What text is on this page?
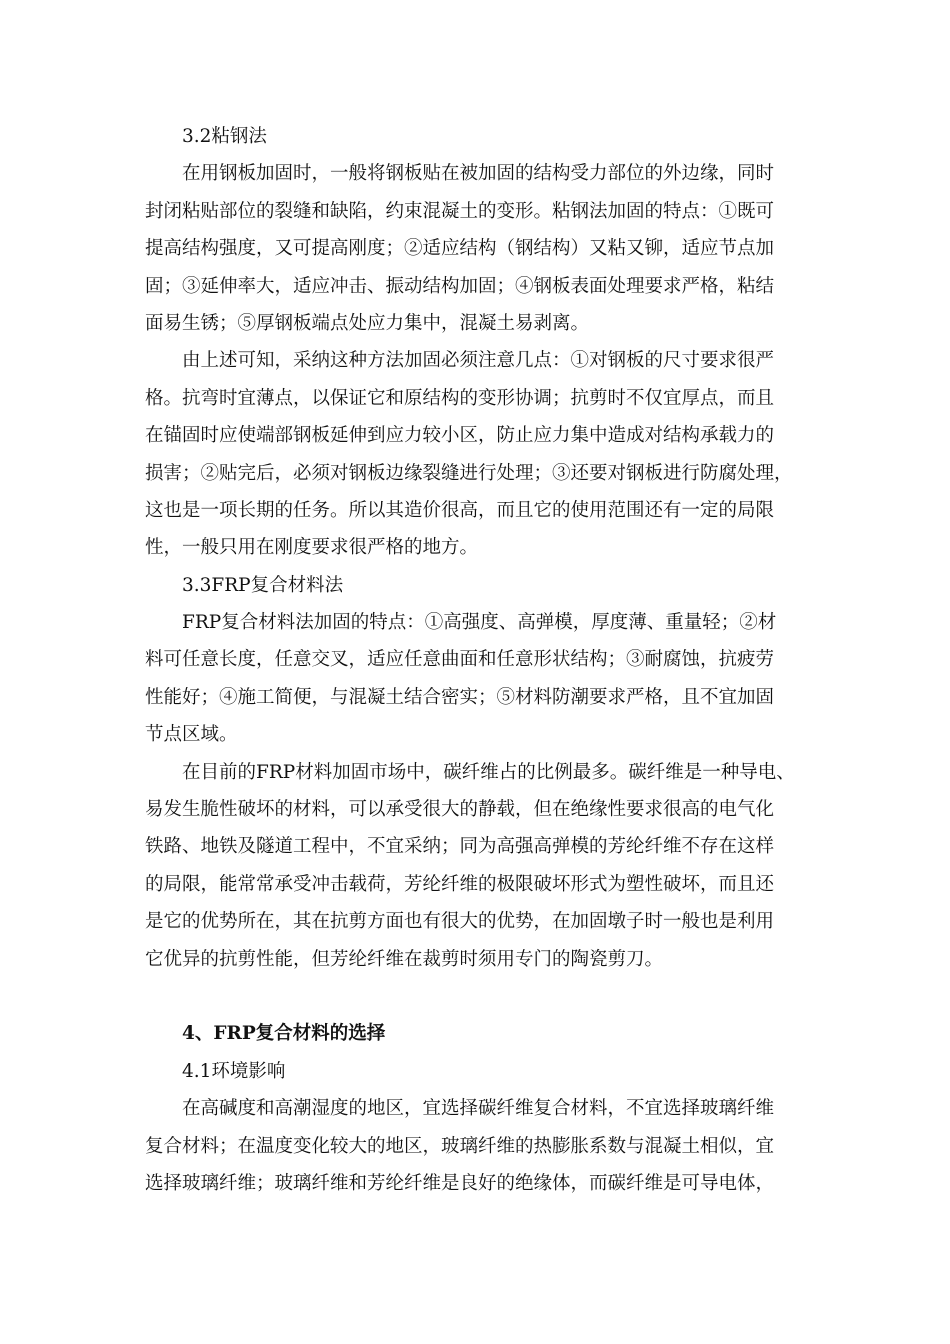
3.2粘钢法
在用钢板加固时，一般将钢板贴在被加固的结构受力部位的外边缘，同时
封闭粘贴部位的裂缝和缺陷，约束混凝土的变形。粘钢法加固的特点：①既可
提高结构强度，又可提高刚度；②适应结构（钢结构）又粘又铆，适应节点加
固；③延伸率大，适应冲击、振动结构加固；④钢板表面处理要求严格，粘结
面易生锈；⑤厚钢板端点处应力集中，混凝土易剥离。
由上述可知，采纳这种方法加固必须注意几点：①对钢板的尺寸要求很严
格。抗弯时宜薄点，以保证它和原结构的变形协调；抗剪时不仅宜厚点，而且
在锚固时应使端部钢板延伸到应力较小区，防止应力集中造成对结构承载力的
损害；②贴完后，必须对钢板边缘裂缝进行处理；③还要对钢板进行防腐处理，
这也是一项长期的任务。所以其造价很高，而且它的使用范围还有一定的局限
性，一般只用在刚度要求很严格的地方。
3.3FRP复合材料法
FRP复合材料法加固的特点：①高强度、高弹模，厚度薄、重量轻；②材
料可任意长度，任意交叉，适应任意曲面和任意形状结构；③耐腐蚀，抗疲劳
性能好；④施工简便，与混凝土结合密实；⑤材料防潮要求严格，且不宜加固
节点区域。
在目前的FRP材料加固市场中，碳纤维占的比例最多。碳纤维是一种导电、
易发生脆性破坏的材料，可以承受很大的静载，但在绝缘性要求很高的电气化
铁路、地铁及隧道工程中，不宜采纳；同为高强高弹模的芳纶纤维不存在这样
的局限，能常常承受冲击载荷，芳纶纤维的极限破坏形式为塑性破坏，而且还
是它的优势所在，其在抗剪方面也有很大的优势，在加固墩子时一般也是利用
它优异的抗剪性能，但芳纶纤维在裁剪时须用专门的陶瓷剪刀。
4、FRP复合材料的选择
4.1环境影响
在高碱度和高潮湿度的地区，宜选择碳纤维复合材料，不宜选择玻璃纤维
复合材料；在温度变化较大的地区，玻璃纤维的热膨胀系数与混凝土相似，宜
选择玻璃纤维；玻璃纤维和芳纶纤维是良好的绝缘体，而碳纤维是可导电体，
